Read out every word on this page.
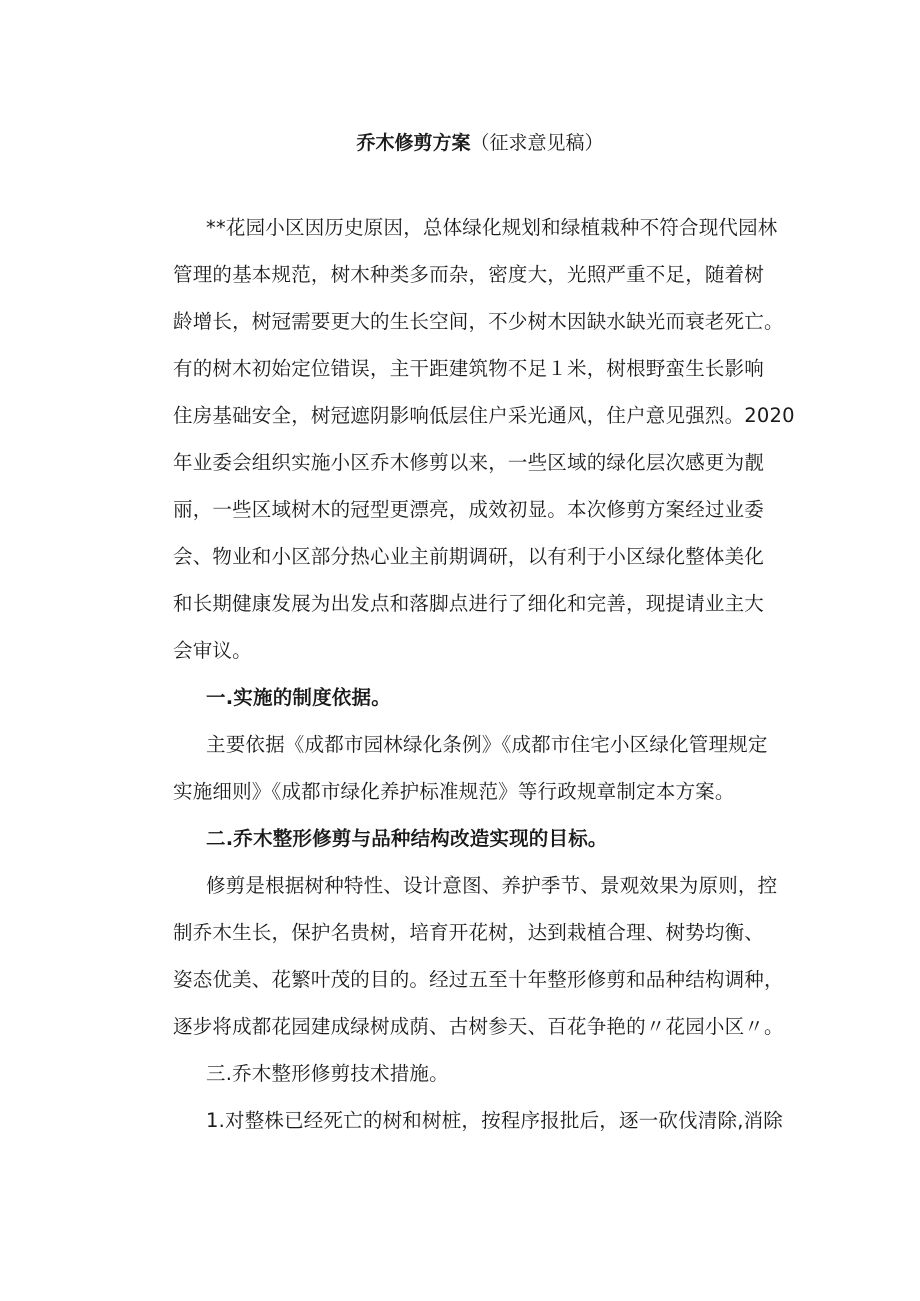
乔木修剪方案（征求意见稿）
**花园小区因历史原因，总体绿化规划和绿植栽种不符合现代园林
管理的基本规范，树木种类多而杂，密度大，光照严重不足，随着树
龄增长，树冠需要更大的生长空间，不少树木因缺水缺光而衰老死亡。
有的树木初始定位错误，主干距建筑物不足１米，树根野蛮生长影响
住房基础安全，树冠遮阴影响低层住户采光通风，住户意见强烈。2020
年业委会组织实施小区乔木修剪以来，一些区域的绿化层次感更为靓
丽，一些区域树木的冠型更漂亮，成效初显。本次修剪方案经过业委
会、物业和小区部分热心业主前期调研，以有利于小区绿化整体美化
和长期健康发展为出发点和落脚点进行了细化和完善，现提请业主大
会审议。
一.实施的制度依据。
主要依据《成都市园林绿化条例》《成都市住宅小区绿化管理规定
实施细则》《成都市绿化养护标准规范》等行政规章制定本方案。
二.乔木整形修剪与品种结构改造实现的目标。
修剪是根据树种特性、设计意图、养护季节、景观效果为原则，控
制乔木生长，保护名贵树，培育开花树，达到栽植合理、树势均衡、
姿态优美、花繁叶茂的目的。经过五至十年整形修剪和品种结构调种，
逐步将成都花园建成绿树成荫、古树参天、百花争艳的〃花园小区〃。
三.乔木整形修剪技术措施。
1.对整株已经死亡的树和树桩，按程序报批后，逐一砍伐清除,消除
